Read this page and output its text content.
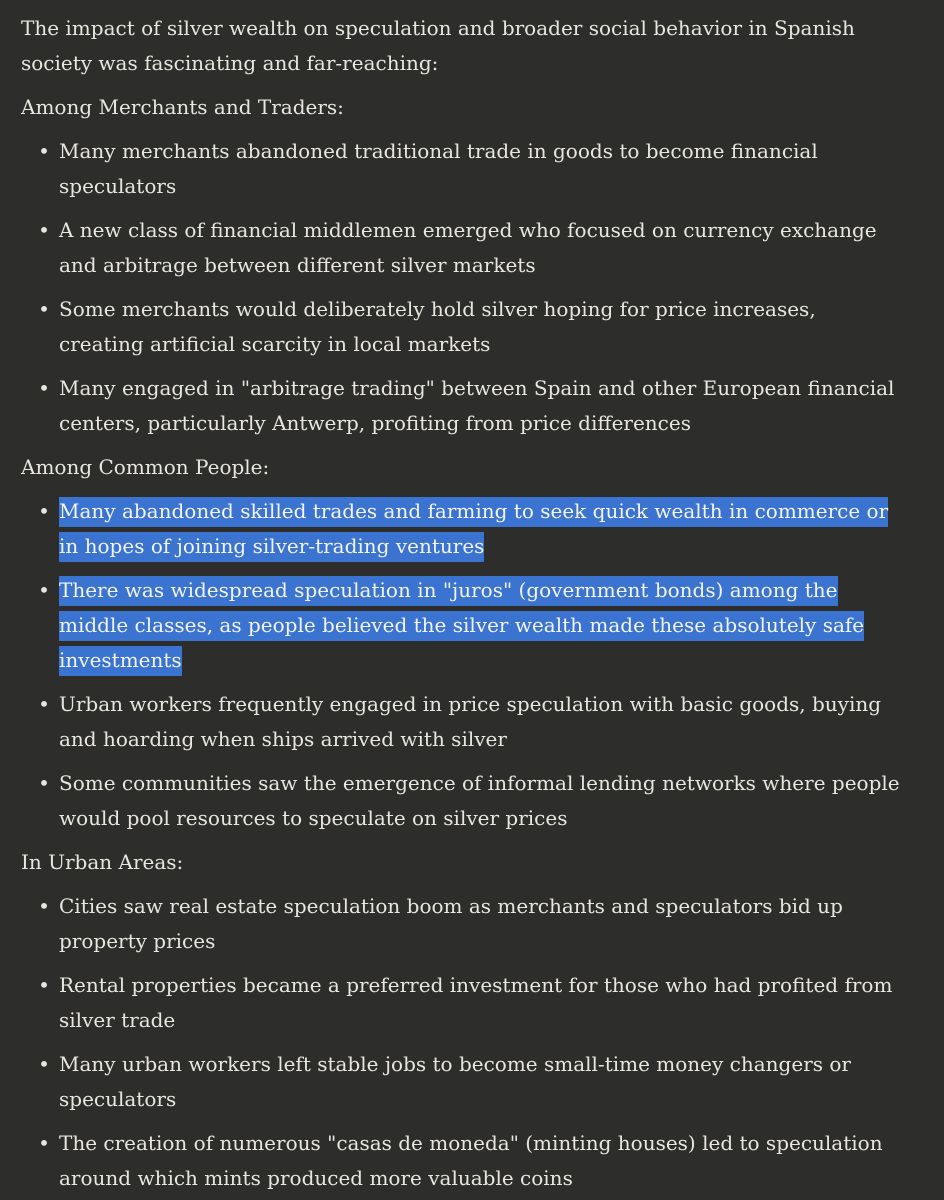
The impact of silver wealth on speculation and broader social behavior in Spanish society was fascinating and far-reaching:

Among Merchants and Traders:

• Many merchants abandoned traditional trade in goods to become financial speculators
• A new class of financial middlemen emerged who focused on currency exchange and arbitrage between different silver markets
• Some merchants would deliberately hold silver hoping for price increases, creating artificial scarcity in local markets
• Many engaged in "arbitrage trading" between Spain and other European financial centers, particularly Antwerp, profiting from price differences

Among Common People:

• Many abandoned skilled trades and farming to seek quick wealth in commerce or in hopes of joining silver-trading ventures
• There was widespread speculation in "juros" (government bonds) among the middle classes, as people believed the silver wealth made these absolutely safe investments
• Urban workers frequently engaged in price speculation with basic goods, buying and hoarding when ships arrived with silver
• Some communities saw the emergence of informal lending networks where people would pool resources to speculate on silver prices

In Urban Areas:

• Cities saw real estate speculation boom as merchants and speculators bid up property prices
• Rental properties became a preferred investment for those who had profited from silver trade
• Many urban workers left stable jobs to become small-time money changers or speculators
• The creation of numerous "casas de moneda" (minting houses) led to speculation around which mints produced more valuable coins
